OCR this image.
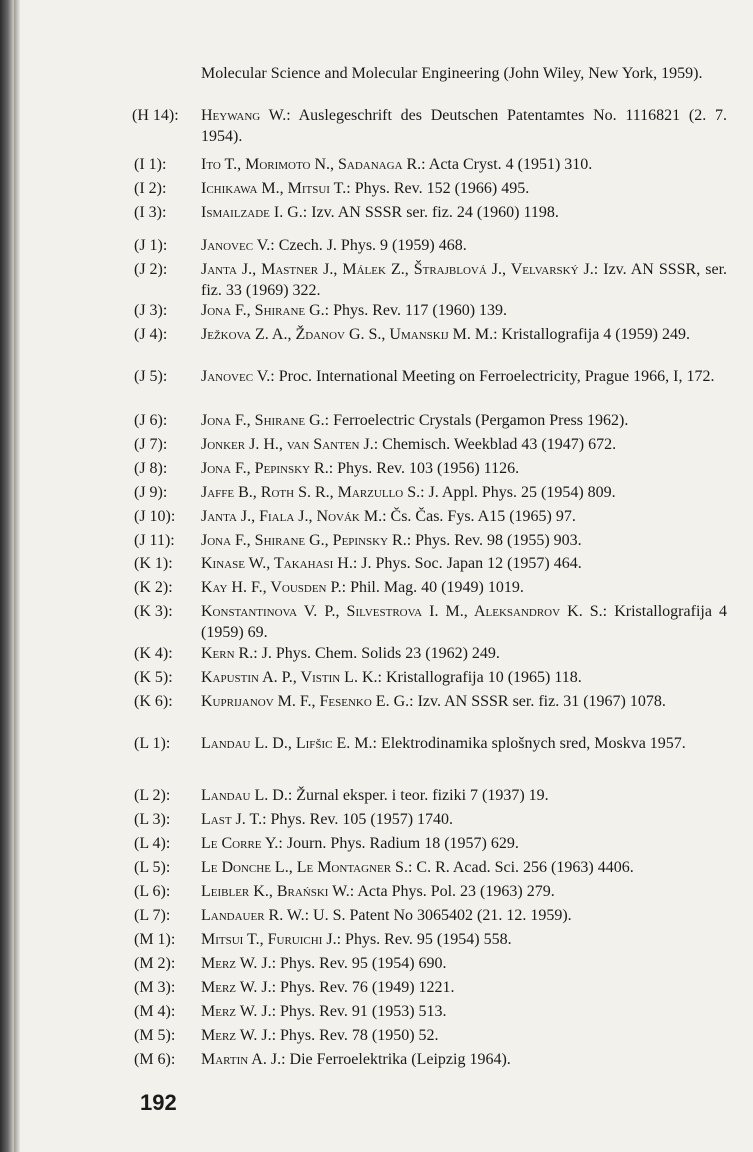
Molecular Science and Molecular Engineering (John Wiley, New York, 1959).
(H 14): Heywang W.: Auslegeschrift des Deutschen Patentamtes No. 1116821 (2. 7. 1954).
(I 1): Ito T., Morimoto N., Sadanaga R.: Acta Cryst. 4 (1951) 310.
(I 2): Ichikawa M., Mitsui T.: Phys. Rev. 152 (1966) 495.
(I 3): Ismailzade I. G.: Izv. AN SSSR ser. fiz. 24 (1960) 1198.
(J 1): Janovec V.: Czech. J. Phys. 9 (1959) 468.
(J 2): Janta J., Mastner J., Málek Z., Štrajblová J., Velvarský J.: Izv. AN SSSR, ser. fiz. 33 (1969) 322.
(J 3): Jona F., Shirane G.: Phys. Rev. 117 (1960) 139.
(J 4): Ježkova Z. A., Ždanov G. S., Umanskij M. M.: Kristallografija 4 (1959) 249.
(J 5): Janovec V.: Proc. International Meeting on Ferroelectricity, Prague 1966, I, 172.
(J 6): Jona F., Shirane G.: Ferroelectric Crystals (Pergamon Press 1962).
(J 7): Jonker J. H., van Santen J.: Chemisch. Weekblad 43 (1947) 672.
(J 8): Jona F., Pepinsky R.: Phys. Rev. 103 (1956) 1126.
(J 9): Jaffe B., Roth S. R., Marzullo S.: J. Appl. Phys. 25 (1954) 809.
(J 10): Janta J., Fiala J., Novák M.: Čs. Čas. Fys. A15 (1965) 97.
(J 11): Jona F., Shirane G., Pepinsky R.: Phys. Rev. 98 (1955) 903.
(K 1): Kinase W., Takahasi H.: J. Phys. Soc. Japan 12 (1957) 464.
(K 2): Kay H. F., Vousden P.: Phil. Mag. 40 (1949) 1019.
(K 3): Konstantinova V. P., Silvestrova I. M., Aleksandrov K. S.: Kristallografija 4 (1959) 69.
(K 4): Kern R.: J. Phys. Chem. Solids 23 (1962) 249.
(K 5): Kapustin A. P., Vistin L. K.: Kristallografija 10 (1965) 118.
(K 6): Kuprijanov M. F., Fesenko E. G.: Izv. AN SSSR ser. fiz. 31 (1967) 1078.
(L 1): Landau L. D., Lifšic E. M.: Elektrodinamika splošnych sred, Moskva 1957.
(L 2): Landau L. D.: Žurnal eksper. i teor. fiziki 7 (1937) 19.
(L 3): Last J. T.: Phys. Rev. 105 (1957) 1740.
(L 4): Le Corre Y.: Journ. Phys. Radium 18 (1957) 629.
(L 5): Le Donche L., Le Montagner S.: C. R. Acad. Sci. 256 (1963) 4406.
(L 6): Leibler K., Brański W.: Acta Phys. Pol. 23 (1963) 279.
(L 7): Landauer R. W.: U. S. Patent No 3065402 (21. 12. 1959).
(M 1): Mitsui T., Furuichi J.: Phys. Rev. 95 (1954) 558.
(M 2): Merz W. J.: Phys. Rev. 95 (1954) 690.
(M 3): Merz W. J.: Phys. Rev. 76 (1949) 1221.
(M 4): Merz W. J.: Phys. Rev. 91 (1953) 513.
(M 5): Merz W. J.: Phys. Rev. 78 (1950) 52.
(M 6): Martin A. J.: Die Ferroelektrika (Leipzig 1964).
192
